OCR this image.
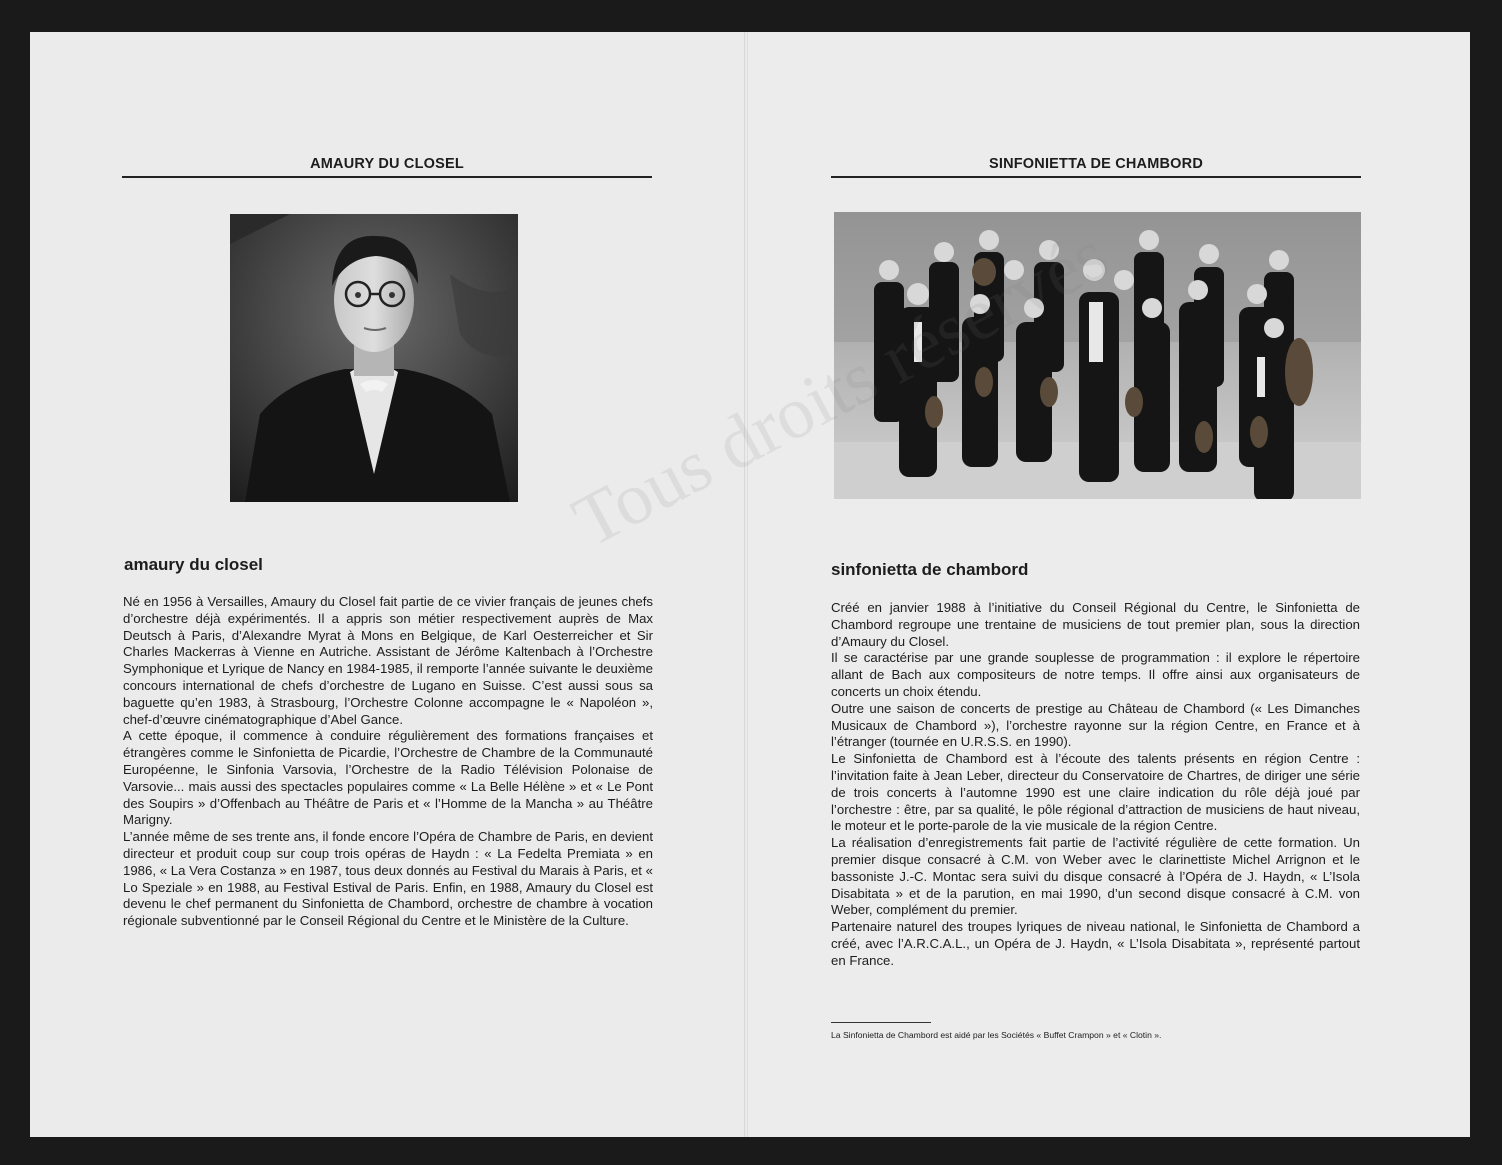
AMAURY DU CLOSEL
amaury du closel

Né en 1956 à Versailles, Amaury du Closel fait partie de ce vivier français de jeunes chefs d’orchestre déjà expérimentés. Il a appris son métier respectivement auprès de Max Deutsch à Paris, d’Alexandre Myrat à Mons en Belgique, de Karl Oesterreicher et Sir Charles Mackerras à Vienne en Autriche. Assistant de Jérôme Kaltenbach à l’Orchestre Symphonique et Lyrique de Nancy en 1984-1985, il remporte l’année suivante le deuxième concours international de chefs d’orchestre de Lugano en Suisse. C’est aussi sous sa baguette qu’en 1983, à Strasbourg, l’Orchestre Colonne accompagne le « Napoléon », chef-d’œuvre cinématographique d’Abel Gance.

A cette époque, il commence à conduire régulièrement des formations françaises et étrangères comme le Sinfonietta de Picardie, l’Orchestre de Chambre de la Communauté Européenne, le Sinfonia Varsovia, l’Orchestre de la Radio Télévision Polonaise de Varsovie... mais aussi des spectacles populaires comme « La Belle Hélène » et « Le Pont des Soupirs » d’Offenbach au Théâtre de Paris et « l’Homme de la Mancha » au Théâtre Marigny.

L’année même de ses trente ans, il fonde encore l’Opéra de Chambre de Paris, en devient directeur et produit coup sur coup trois opéras de Haydn : « La Fedelta Premiata » en 1986, « La Vera Costanza » en 1987, tous deux donnés au Festival du Marais à Paris, et « Lo Speziale » en 1988, au Festival Estival de Paris. Enfin, en 1988, Amaury du Closel est devenu le chef permanent du Sinfonietta de Chambord, orchestre de chambre à vocation régionale subventionné par le Conseil Régional du Centre et le Ministère de la Culture.

SINFONIETTA DE CHAMBORD
sinfonietta de chambord

Créé en janvier 1988 à l’initiative du Conseil Régional du Centre, le Sinfonietta de Chambord regroupe une trentaine de musiciens de tout premier plan, sous la direction d’Amaury du Closel.

Il se caractérise par une grande souplesse de programmation : il explore le répertoire allant de Bach aux compositeurs de notre temps. Il offre ainsi aux organisateurs de concerts un choix étendu.

Outre une saison de concerts de prestige au Château de Chambord (« Les Dimanches Musicaux de Chambord »), l’orchestre rayonne sur la région Centre, en France et à l’étranger (tournée en U.R.S.S. en 1990).

Le Sinfonietta de Chambord est à l’écoute des talents présents en région Centre : l’invitation faite à Jean Leber, directeur du Conservatoire de Chartres, de diriger une série de trois concerts à l’automne 1990 est une claire indication du rôle déjà joué par l’orchestre : être, par sa qualité, le pôle régional d’attraction de musiciens de haut niveau, le moteur et le porte-parole de la vie musicale de la région Centre.

La réalisation d’enregistrements fait partie de l’activité régulière de cette formation. Un premier disque consacré à C.M. von Weber avec le clarinettiste Michel Arrignon et le bassoniste J.-C. Montac sera suivi du disque consacré à l’Opéra de J. Haydn, « L’Isola Disabitata » et de la parution, en mai 1990, d’un second disque consacré à C.M. von Weber, complément du premier.

Partenaire naturel des troupes lyriques de niveau national, le Sinfonietta de Chambord a créé, avec l’A.R.C.A.L., un Opéra de J. Haydn, « L’Isola Disabitata », représenté partout en France.

La Sinfonietta de Chambord est aidé par les Sociétés « Buffet Crampon » et « Clotin ».
